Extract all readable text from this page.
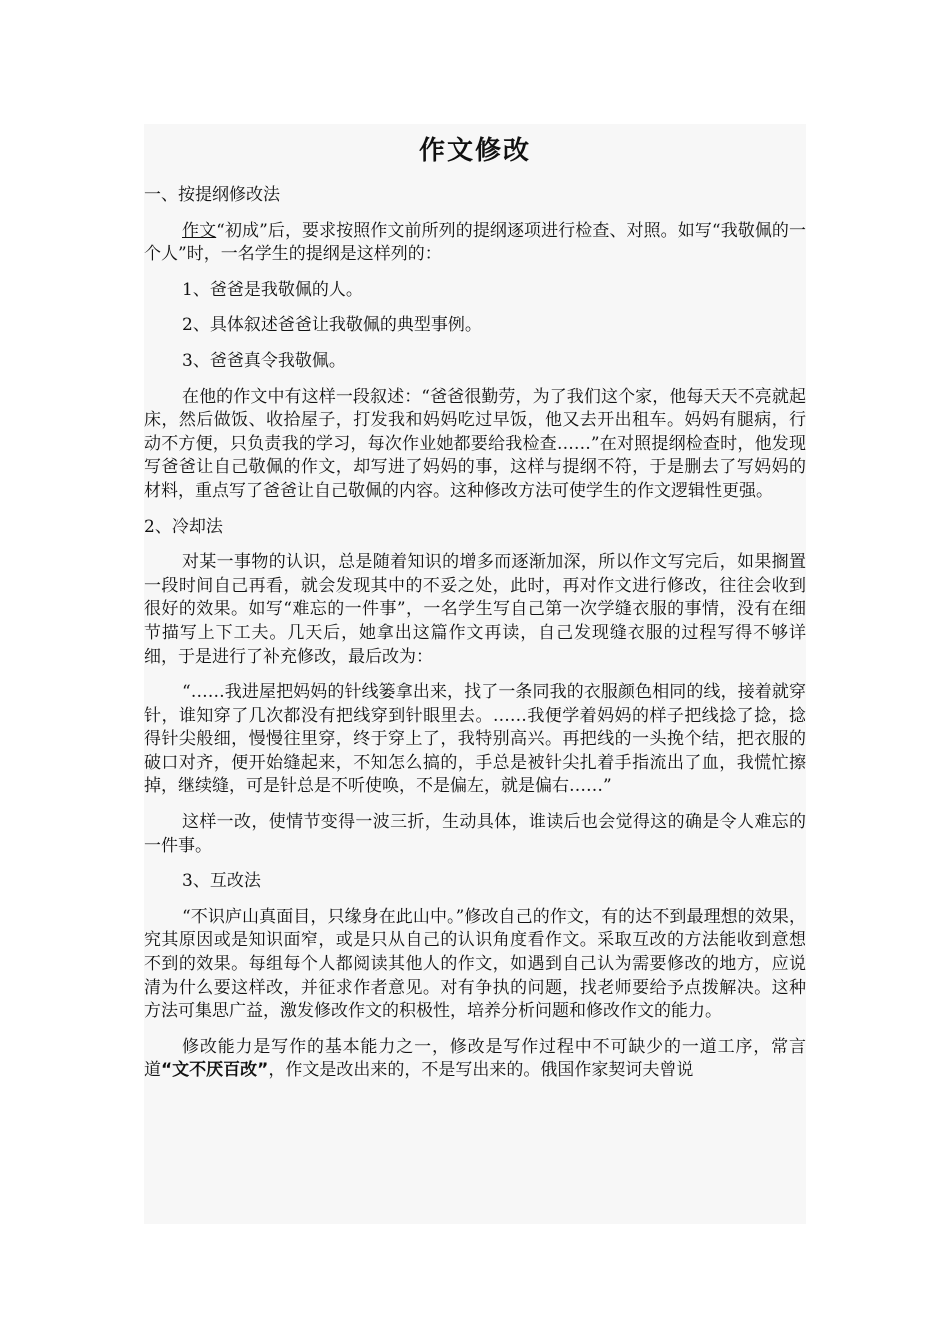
作文修改

一、按提纲修改法

作文“初成”后，要求按照作文前所列的提纲逐项进行检查、对照。如写“我敬佩的一个人”时，一名学生的提纲是这样列的：

1、爸爸是我敬佩的人。

2、具体叙述爸爸让我敬佩的典型事例。

3、爸爸真令我敬佩。

在他的作文中有这样一段叙述：“爸爸很勤劳，为了我们这个家，他每天天不亮就起床，然后做饭、收拾屋子，打发我和妈妈吃过早饭，他又去开出租车。妈妈有腿病，行动不方便，只负责我的学习，每次作业她都要给我检查……”在对照提纲检查时，他发现写爸爸让自己敬佩的作文，却写进了妈妈的事，这样与提纲不符，于是删去了写妈妈的材料，重点写了爸爸让自己敬佩的内容。这种修改方法可使学生的作文逻辑性更强。

2、冷却法

对某一事物的认识，总是随着知识的增多而逐渐加深，所以作文写完后，如果搁置一段时间自己再看，就会发现其中的不妥之处，此时，再对作文进行修改，往往会收到很好的效果。如写“难忘的一件事”，一名学生写自己第一次学缝衣服的事情，没有在细节描写上下工夫。几天后，她拿出这篇作文再读，自己发现缝衣服的过程写得不够详细，于是进行了补充修改，最后改为：

“……我进屋把妈妈的针线篓拿出来，找了一条同我的衣服颜色相同的线，接着就穿针，谁知穿了几次都没有把线穿到针眼里去。……我便学着妈妈的样子把线捻了捻，捻得针尖般细，慢慢往里穿，终于穿上了，我特别高兴。再把线的一头挽个结，把衣服的破口对齐，便开始缝起来，不知怎么搞的，手总是被针尖扎着手指流出了血，我慌忙擦掉，继续缝，可是针总是不听使唤，不是偏左，就是偏右……”

这样一改，使情节变得一波三折，生动具体，谁读后也会觉得这的确是令人难忘的一件事。

3、互改法

“不识庐山真面目，只缘身在此山中。”修改自己的作文，有的达不到最理想的效果，究其原因或是知识面窄，或是只从自己的认识角度看作文。采取互改的方法能收到意想不到的效果。每组每个人都阅读其他人的作文，如遇到自己认为需要修改的地方，应说清为什么要这样改，并征求作者意见。对有争执的问题，找老师要给予点拨解决。这种方法可集思广益，激发修改作文的积极性，培养分析问题和修改作文的能力。

修改能力是写作的基本能力之一，修改是写作过程中不可缺少的一道工序，常言道“文不厌百改”，作文是改出来的，不是写出来的。俄国作家契诃夫曾说
